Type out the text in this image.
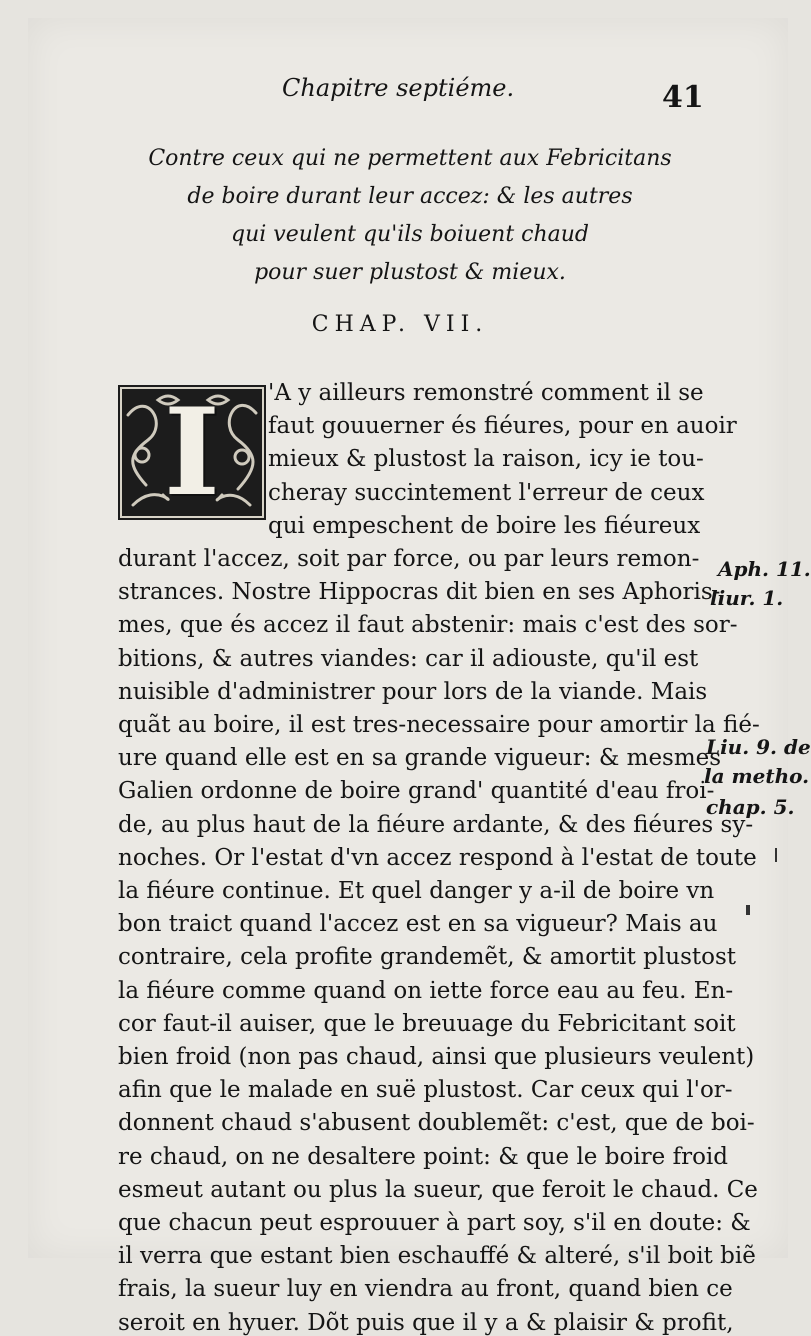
Chapitre septiéme.	41
Contre ceux qui ne permettent aux Febricitans
de boire durant leur accez: & les autres
qui veulent qu'ils boiuent chaud
pour suer plustost & mieux.
CHAP. VII.
I	'A y ailleurs remonstré comment il se
faut gouuerner és fiéures, pour en auoir
mieux & plustost la raison, icy ie tou-
cheray succintement l'erreur de ceux
qui empeschent de boire les fiéureux
durant l'accez, soit par force, ou par leurs remon-
strances. Nostre Hippocras dit bien en ses Aphoris-
mes, que és accez il faut abstenir: mais c'est des sor-
bitions, & autres viandes: car il adiouste, qu'il est
nuisible d'administrer pour lors de la viande. Mais
quãt au boire, il est tres-necessaire pour amortir la fié-
ure quand elle est en sa grande vigueur: & mesmes
Galien ordonne de boire grand' quantité d'eau froi-
de, au plus haut de la fiéure ardante, & des fiéures sy-
noches. Or l'estat d'vn accez respond à l'estat de toute
la fiéure continue. Et quel danger y a-il de boire vn
bon traict quand l'accez est en sa vigueur? Mais au
contraire, cela profite grandemẽt, & amortit plustost
la fiéure comme quand on iette force eau au feu. En-
cor faut-il auiser, que le breuuage du Febricitant soit
bien froid (non pas chaud, ainsi que plusieurs veulent)
afin que le malade en suë plustost. Car ceux qui l'or-
donnent chaud s'abusent doublemẽt: c'est, que de boi-
re chaud, on ne desaltere point: & que le boire froid
esmeut autant ou plus la sueur, que feroit le chaud. Ce
que chacun peut esprouuer à part soy, s'il en doute: &
il verra que estant bien eschauffé & alteré, s'il boit biẽ
frais, la sueur luy en viendra au front, quand bien ce
seroit en hyuer. Dõt puis que il y a & plaisir & profit,
Aph. 11.
liur. 1.
Liu. 9. de
la metho.
chap. 5.
